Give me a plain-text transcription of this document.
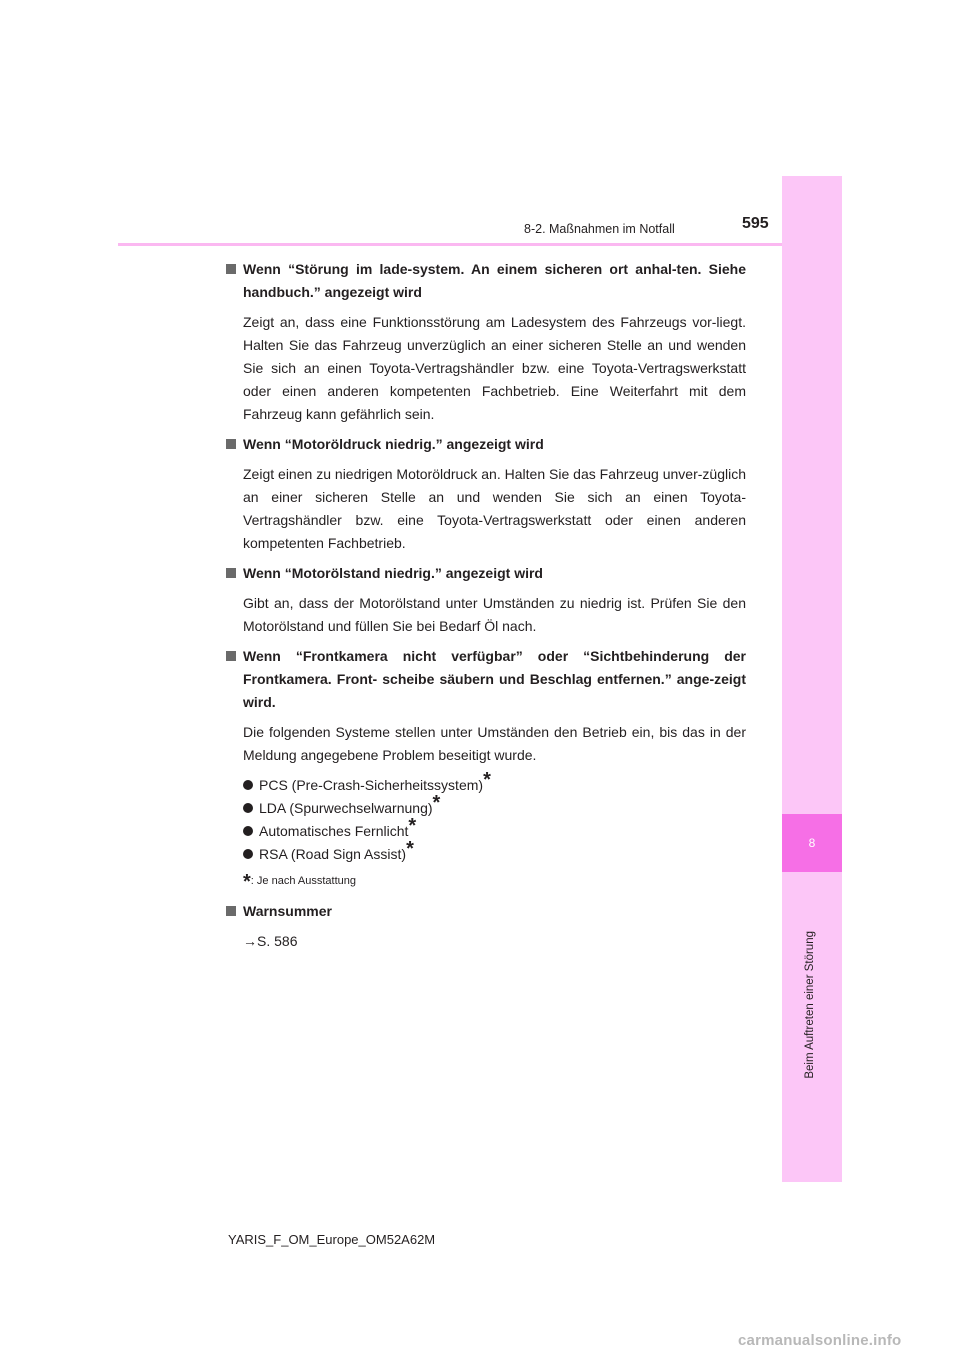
8
Beim Auftreten einer Störung
8-2. Maßnahmen im Notfall	595
Wenn “Störung im lade-system. An einem sicheren ort anhal-ten. Siehe handbuch.” angezeigt wird
Zeigt an, dass eine Funktionsstörung am Ladesystem des Fahrzeugs vor-liegt. Halten Sie das Fahrzeug unverzüglich an einer sicheren Stelle an und wenden Sie sich an einen Toyota-Vertragshändler bzw. eine Toyota-Vertragswerkstatt oder einen anderen kompetenten Fachbetrieb. Eine Weiterfahrt mit dem Fahrzeug kann gefährlich sein.
Wenn “Motoröldruck niedrig.” angezeigt wird
Zeigt einen zu niedrigen Motoröldruck an. Halten Sie das Fahrzeug unver-züglich an einer sicheren Stelle an und wenden Sie sich an einen Toyota-Vertragshändler bzw. eine Toyota-Vertragswerkstatt oder einen anderen kompetenten Fachbetrieb.
Wenn “Motorölstand niedrig.” angezeigt wird
Gibt an, dass der Motorölstand unter Umständen zu niedrig ist. Prüfen Sie den Motorölstand und füllen Sie bei Bedarf Öl nach.
Wenn “Frontkamera nicht verfügbar” oder “Sichtbehinderung der Frontkamera. Front- scheibe säubern und Beschlag entfernen.” ange-zeigt wird.
Die folgenden Systeme stellen unter Umständen den Betrieb ein, bis das in der Meldung angegebene Problem beseitigt wurde.
PCS (Pre-Crash-Sicherheitssystem)*
LDA (Spurwechselwarnung)*
Automatisches Fernlicht*
RSA (Road Sign Assist)*
*: Je nach Ausstattung
Warnsummer
→S. 586
YARIS_F_OM_Europe_OM52A62M
carmanualsonline.info
